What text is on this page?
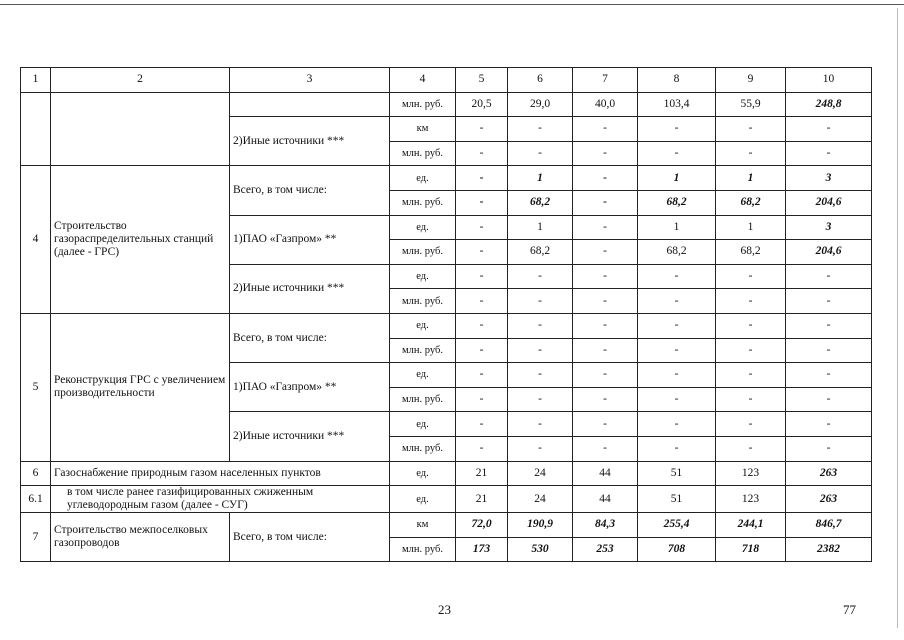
1	2	3	4	5	6	7	8	9	10
			млн. руб.	20,5	29,0	40,0	103,4	55,9	248,8
		2)Иные источники ***	км	-	-	-	-	-	-
			млн. руб.	-	-	-	-	-	-
4	Строительство газораспределительных станций (далее - ГРС)	Всего, в том числе:	ед.	-	1	-	1	1	3
			млн. руб.	-	68,2	-	68,2	68,2	204,6
		1)ПАО «Газпром» **	ед.	-	1	-	1	1	3
			млн. руб.	-	68,2	-	68,2	68,2	204,6
		2)Иные источники ***	ед.	-	-	-	-	-	-
			млн. руб.	-	-	-	-	-	-
5	Реконструкция ГРС с увеличением производительности	Всего, в том числе:	ед.	-	-	-	-	-	-
			млн. руб.	-	-	-	-	-	-
		1)ПАО «Газпром» **	ед.	-	-	-	-	-	-
			млн. руб.	-	-	-	-	-	-
		2)Иные источники ***	ед.	-	-	-	-	-	-
			млн. руб.	-	-	-	-	-	-
6	Газоснабжение природным газом населенных пунктов		ед.	21	24	44	51	123	263
6.1	в том числе ранее газифицированных сжиженным углеводородным газом (далее - СУГ)		ед.	21	24	44	51	123	263
7	Строительство межпоселковых газопроводов	Всего, в том числе:	км	72,0	190,9	84,3	255,4	244,1	846,7
			млн. руб.	173	530	253	708	718	2382
23	77
